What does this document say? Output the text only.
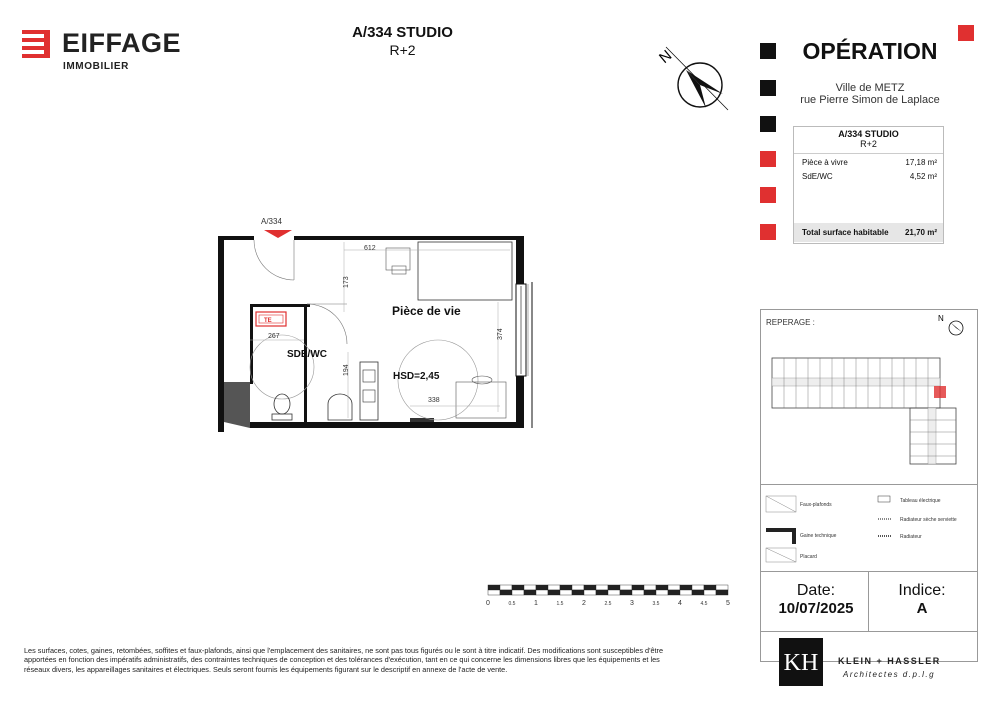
EIFFAGE
IMMOBILIER
A/334 STUDIO
R+2	N	OPÉRATION
Ville de METZ
rue Pierre Simon de Laplace
A/334 STUDIO
R+2
Pièce à vivre	17,18 m²
SdE/WC	4,52 m²
Total surface habitable 21,70 m²
A/334
TE
612
173
267	374
194
338
Pièce de vie
SDE/WC
HSD=2,45
0	0.5	1	1.5	2	2.5	3	3.5	4	4.5	5
REPERAGE :	N
Faux-plafonds
Tableau électrique
Radiateur sèche serviette
Gaine technique	Radiateur
Placard
Date:
10/07/2025
Indice:
A
KH KLEIN + HASSLER
Architectes d.p.l.g
Les surfaces, cotes, gaines, retombées, soffites et faux-plafonds, ainsi que l'emplacement des sanitaires, ne sont pas tous figurés ou le sont à titre indicatif. Des modifications sont susceptibles d'être apportées en fonction des impératifs administratifs, des contraintes techniques de conception et des tolérances d'exécution, tant en ce qui concerne les dimensions libres que les équipements et les réseaux divers, les appareillages sanitaires et électriques. Seuls seront fournis les équipements figurant sur le descriptif en annexe de l'acte de vente.
